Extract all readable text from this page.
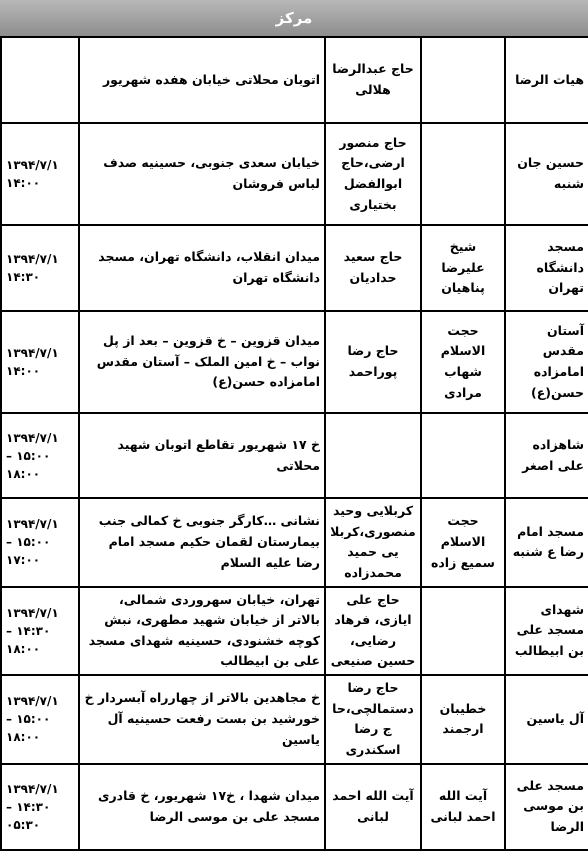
مرکز
هیات الرضا		حاج عبدالرضا هلالی	اتوبان محلاتی خیابان هفده شهریور	
حسین جان شنبه		حاج منصور ارضی،حاج ابوالفضل بختیاری	خیابان سعدی جنوبی، حسینیه صدف لباس فروشان	۱۳۹۴/۷/۱ ۱۴:۰۰
مسجد دانشگاه تهران	شیخ علیرضا پناهیان	حاج سعید حدادیان	میدان انقلاب، دانشگاه تهران، مسجد دانشگاه تهران	۱۳۹۴/۷/۱ ۱۴:۳۰
آستان مقدس امامزاده حسن(ع)	حجت الاسلام شهاب مرادی	حاج رضا پوراحمد	میدان قزوین – خ قزوین – بعد از پل نواب – خ امین الملک – آستان مقدس امامزاده حسن(ع)	۱۳۹۴/۷/۱ ۱۴:۰۰
شاهزاده علی اصغر			خ ۱۷ شهریور تقاطع اتوبان شهید محلاتی	۱۳۹۴/۷/۱ ۱۵:۰۰ – ۱۸:۰۰
مسجد امام رضا ع شنبه	حجت الاسلام سمیع زاده	کربلایی وحید منصوری،کربلایی حمید محمدزاده	نشانی …کارگر جنوبی خ کمالی جنب بیمارستان لقمان حکیم مسجد امام رضا علیه السلام	۱۳۹۴/۷/۱ ۱۵:۰۰ – ۱۷:۰۰
شهدای مسجد علی بن ابیطالب		حاج علی ایازی، فرهاد رضایی، حسین صنیعی	تهران، خیابان سهروردی شمالی، بالاتر از خیابان شهید مطهری، نبش کوچه خشنودی، حسینیه شهدای مسجد علی بن ابیطالب	۱۳۹۴/۷/۱ ۱۴:۳۰ – ۱۸:۰۰
آل یاسین	خطیبان ارجمند	حاج رضا دستمالچی،حاج رضا اسکندری	خ مجاهدین بالاتر از چهارراه آبسردار خ خورشید بن بست رفعت حسینیه آل یاسین	۱۳۹۴/۷/۱ ۱۵:۰۰ – ۱۸:۰۰
مسجد علی بن موسی الرضا	آیت الله احمد لبانی	آیت الله احمد لبانی	میدان شهدا ، خ۱۷ شهریور، خ قادری مسجد علی بن موسی الرضا	۱۳۹۴/۷/۱ ۱۴:۳۰ – ۰۵:۳۰
